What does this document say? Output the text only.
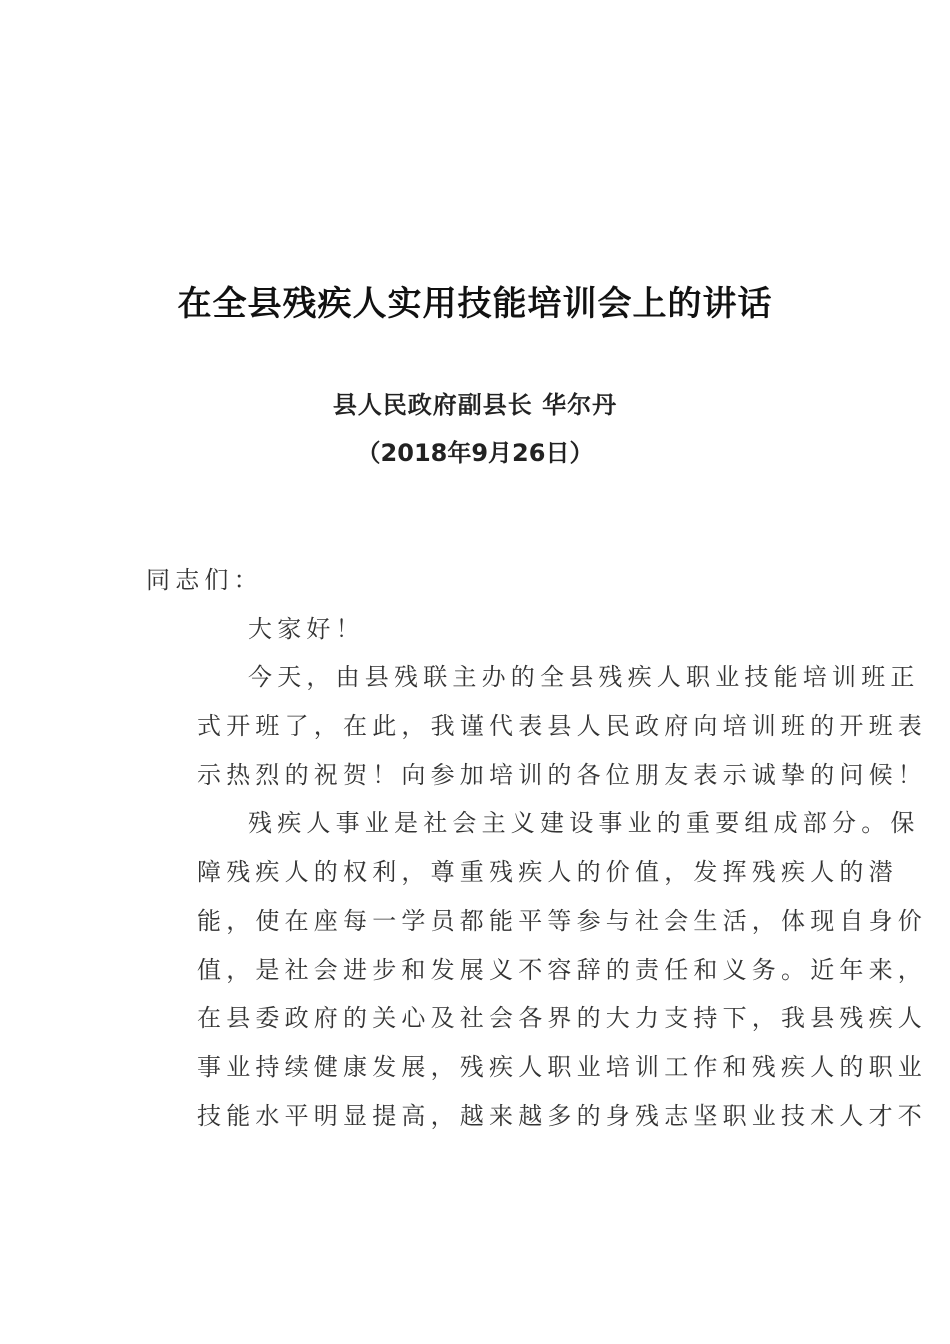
在全县残疾人实用技能培训会上的讲话
县人民政府副县长 华尔丹
（2018年9月26日）
同志们：
大家好！
今天，由县残联主办的全县残疾人职业技能培训班正
式开班了，在此，我谨代表县人民政府向培训班的开班表
示热烈的祝贺！向参加培训的各位朋友表示诚挚的问候！
残疾人事业是社会主义建设事业的重要组成部分。保
障残疾人的权利，尊重残疾人的价值，发挥残疾人的潜
能，使在座每一学员都能平等参与社会生活，体现自身价
值，是社会进步和发展义不容辞的责任和义务。近年来，
在县委政府的关心及社会各界的大力支持下，我县残疾人
事业持续健康发展，残疾人职业培训工作和残疾人的职业
技能水平明显提高，越来越多的身残志坚职业技术人才不
